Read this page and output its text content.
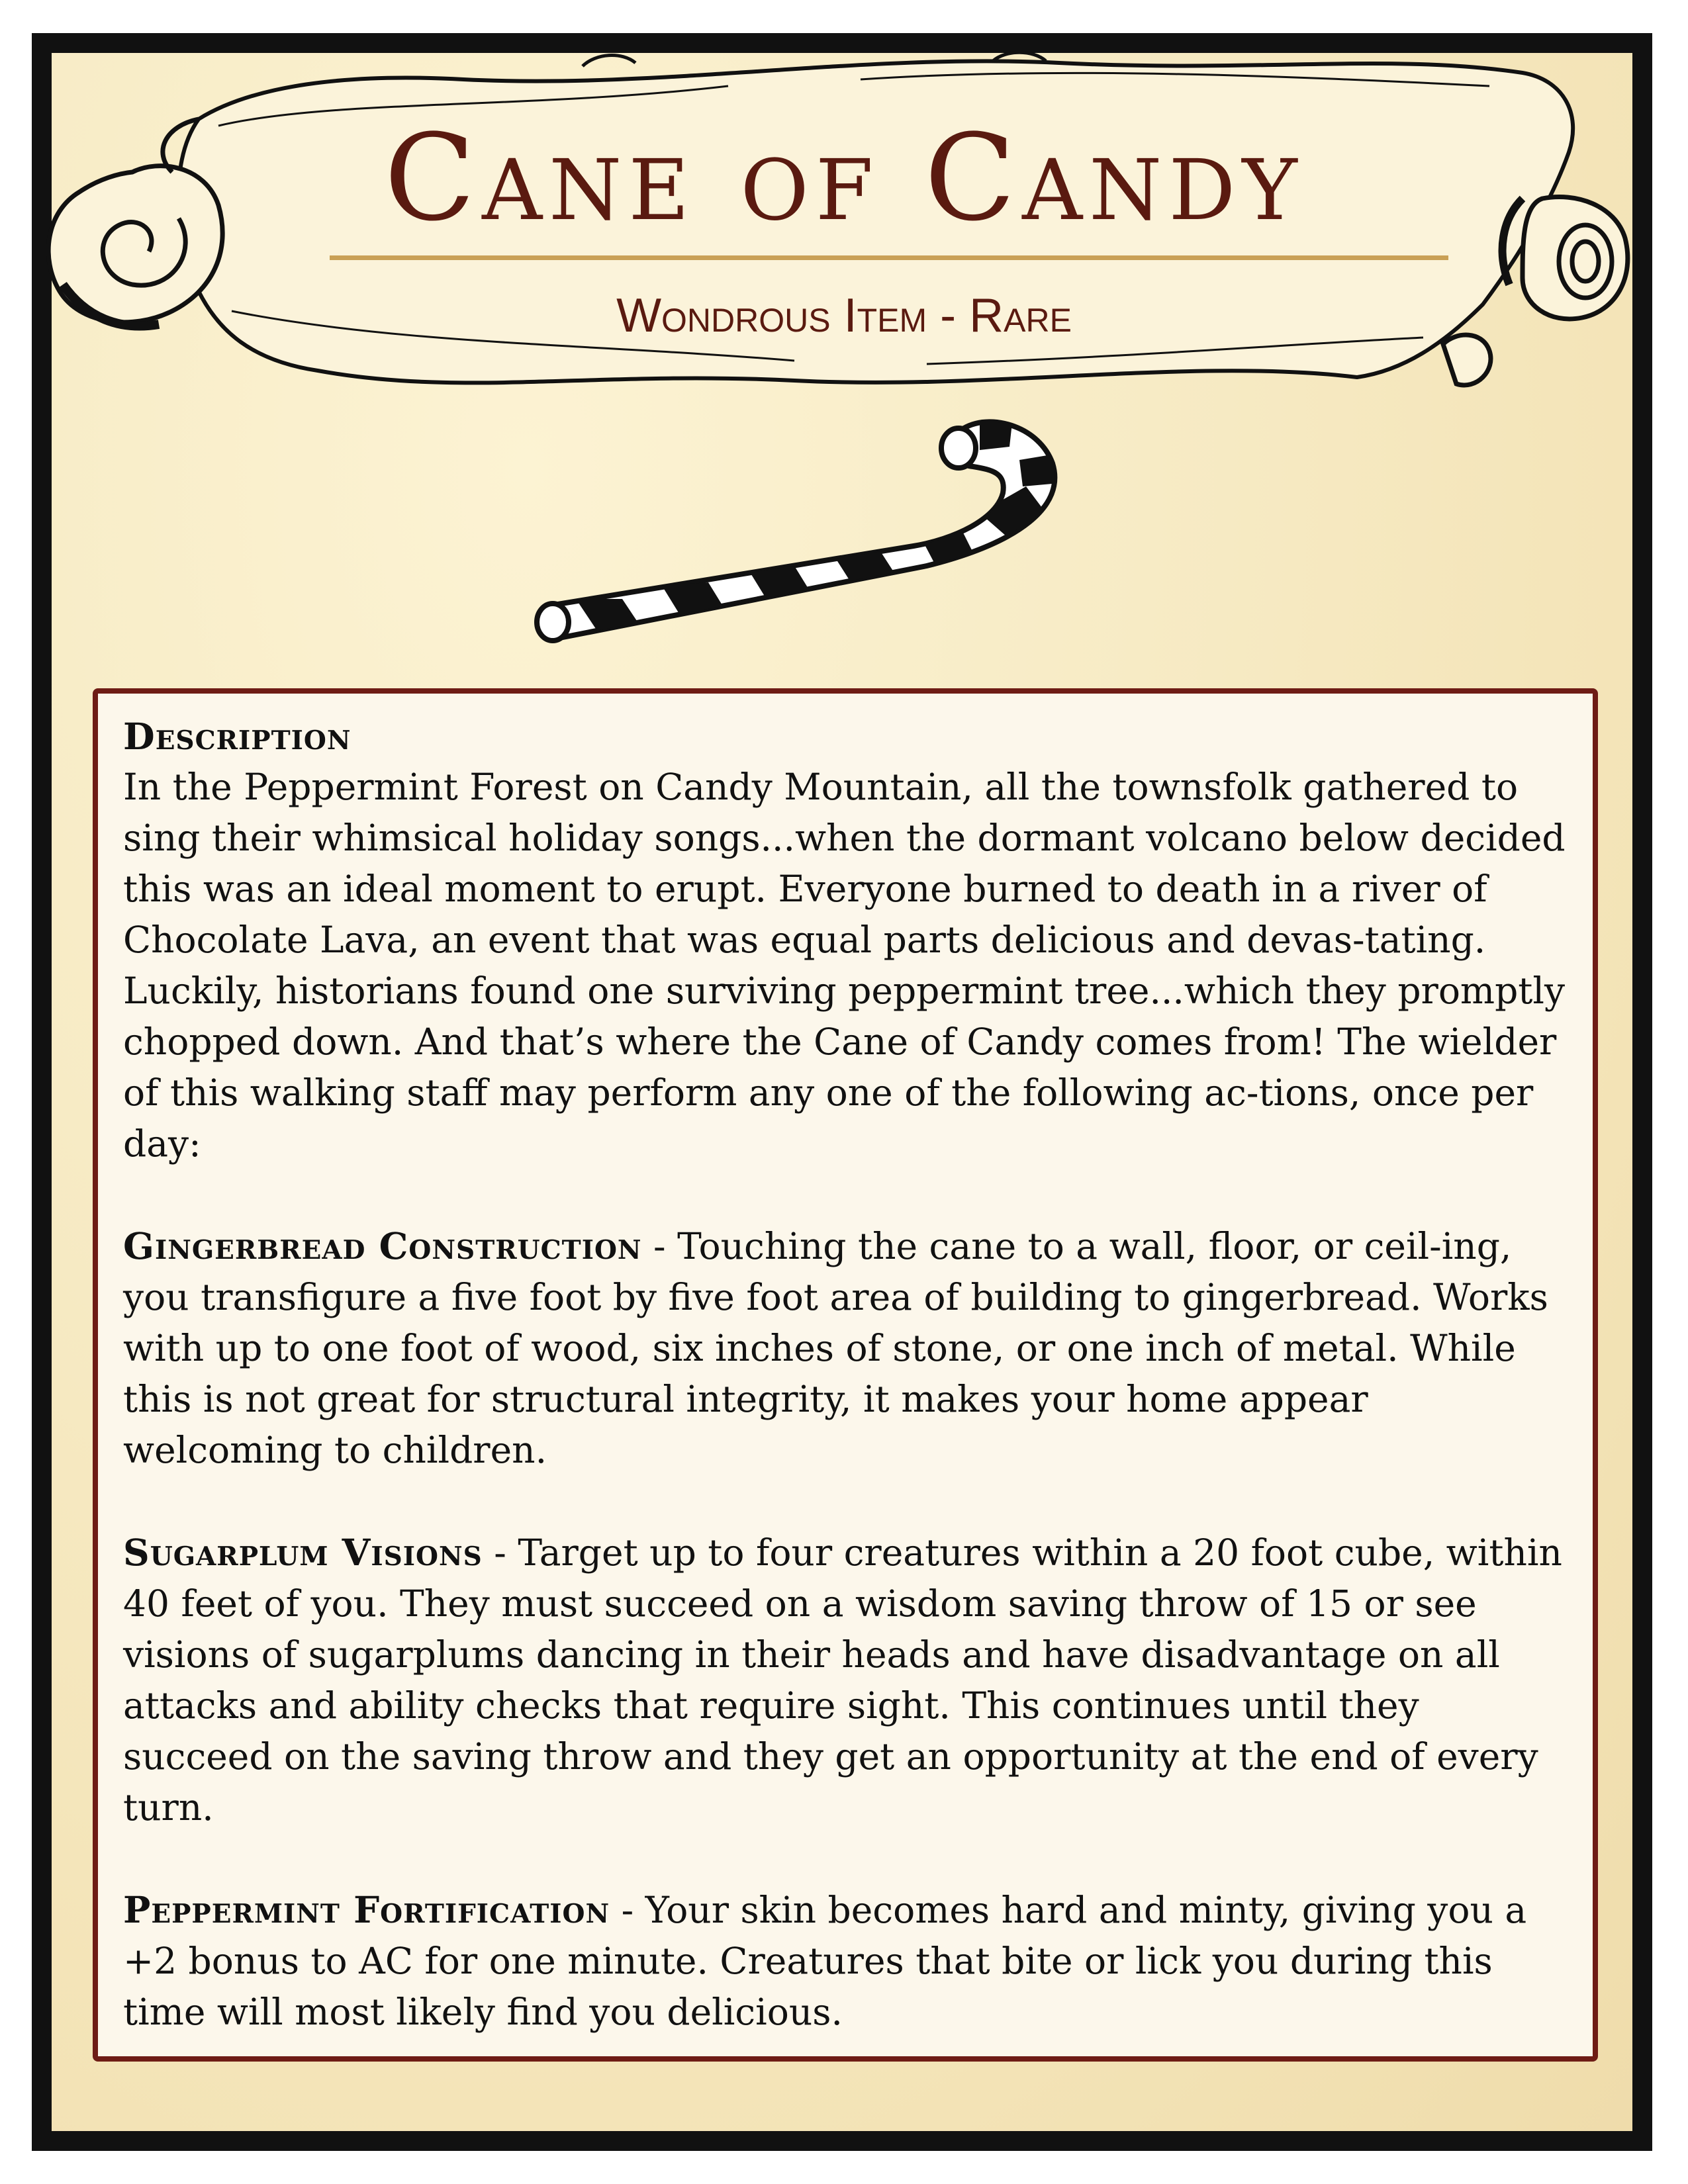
Cane of Candy
Wondrous Item - Rare

Description

In the Peppermint Forest on Candy Mountain, all the townsfolk gathered to sing their whimsical holiday songs...when the dormant volcano below decided this was an ideal moment to erupt. Everyone burned to death in a river of Chocolate Lava, an event that was equal parts delicious and devas-tating. Luckily, historians found one surviving peppermint tree...which they promptly chopped down. And that’s where the Cane of Candy comes from! The wielder of this walking staff may perform any one of the following ac-tions, once per day:

Gingerbread Construction - Touching the cane to a wall, floor, or ceil-ing, you transfigure a five foot by five foot area of building to gingerbread. Works with up to one foot of wood, six inches of stone, or one inch of metal. While this is not great for structural integrity, it makes your home appear welcoming to children.

Sugarplum Visions - Target up to four creatures within a 20 foot cube, within 40 feet of you. They must succeed on a wisdom saving throw of 15 or see visions of sugarplums dancing in their heads and have disadvantage on all attacks and ability checks that require sight. This continues until they succeed on the saving throw and they get an opportunity at the end of every turn.

Peppermint Fortification - Your skin becomes hard and minty, giving you a +2 bonus to AC for one minute. Creatures that bite or lick you during this time will most likely find you delicious.
